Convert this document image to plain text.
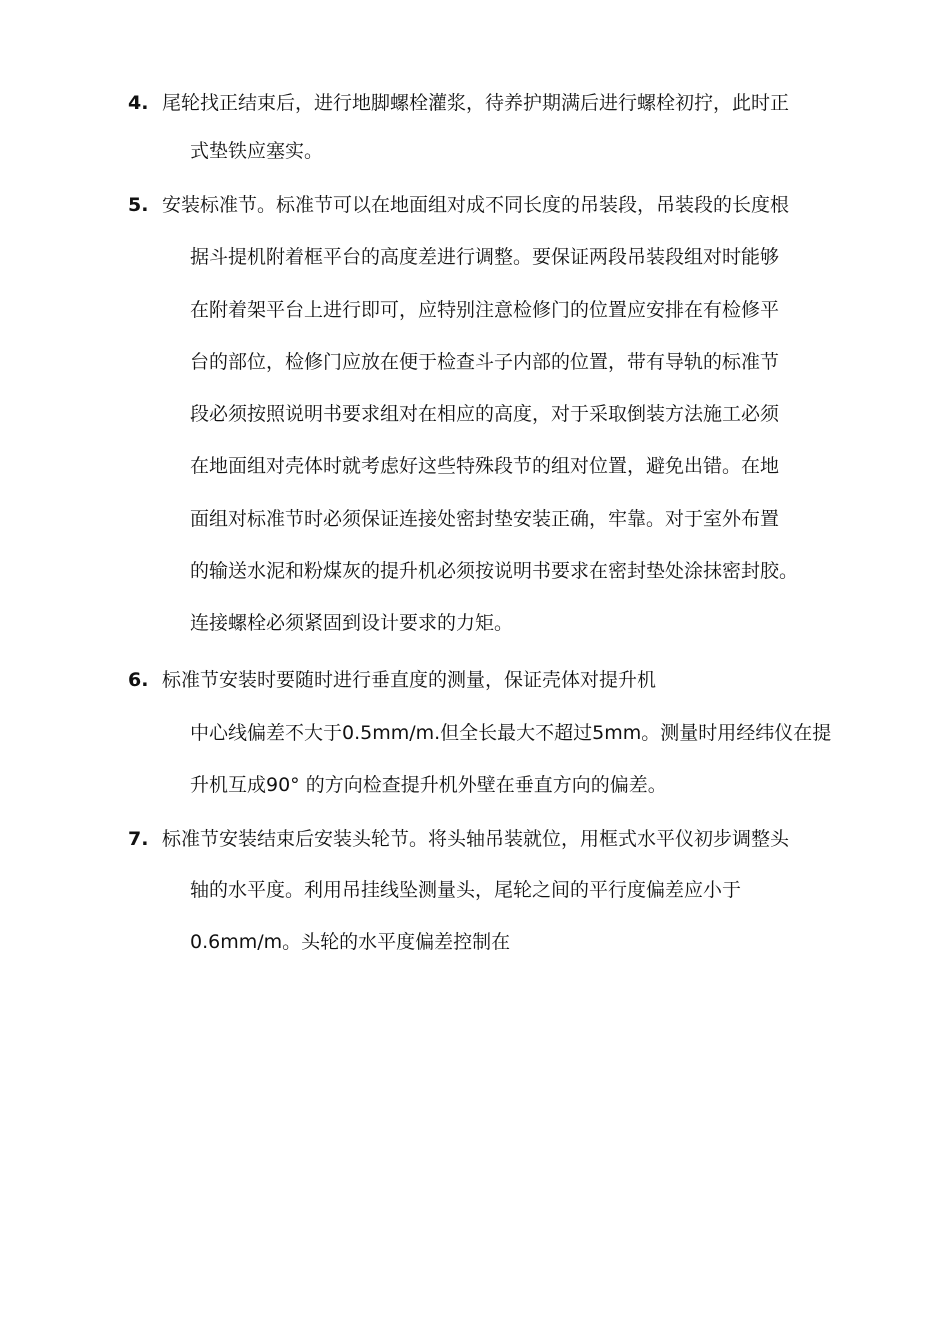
4. 尾轮找正结束后，进行地脚螺栓灌浆，待养护期满后进行螺栓初拧，此时正
式垫铁应塞实。
5. 安装标准节。标准节可以在地面组对成不同长度的吊装段，吊装段的长度根
据斗提机附着框平台的高度差进行调整。要保证两段吊装段组对时能够
在附着架平台上进行即可，应特别注意检修门的位置应安排在有检修平
台的部位，检修门应放在便于检查斗子内部的位置，带有导轨的标准节
段必须按照说明书要求组对在相应的高度，对于采取倒装方法施工必须
在地面组对壳体时就考虑好这些特殊段节的组对位置，避免出错。在地
面组对标准节时必须保证连接处密封垫安装正确，牢靠。对于室外布置
的输送水泥和粉煤灰的提升机必须按说明书要求在密封垫处涂抹密封胶。
连接螺栓必须紧固到设计要求的力矩。
6. 标准节安装时要随时进行垂直度的测量，保证壳体对提升机
中心线偏差不大于0.5mm/m.但全长最大不超过5mm。测量时用经纬仪在提
升机互成90° 的方向检查提升机外壁在垂直方向的偏差。
7. 标准节安装结束后安装头轮节。将头轴吊装就位，用框式水平仪初步调整头
轴的水平度。利用吊挂线坠测量头，尾轮之间的平行度偏差应小于
0.6mm/m。头轮的水平度偏差控制在
